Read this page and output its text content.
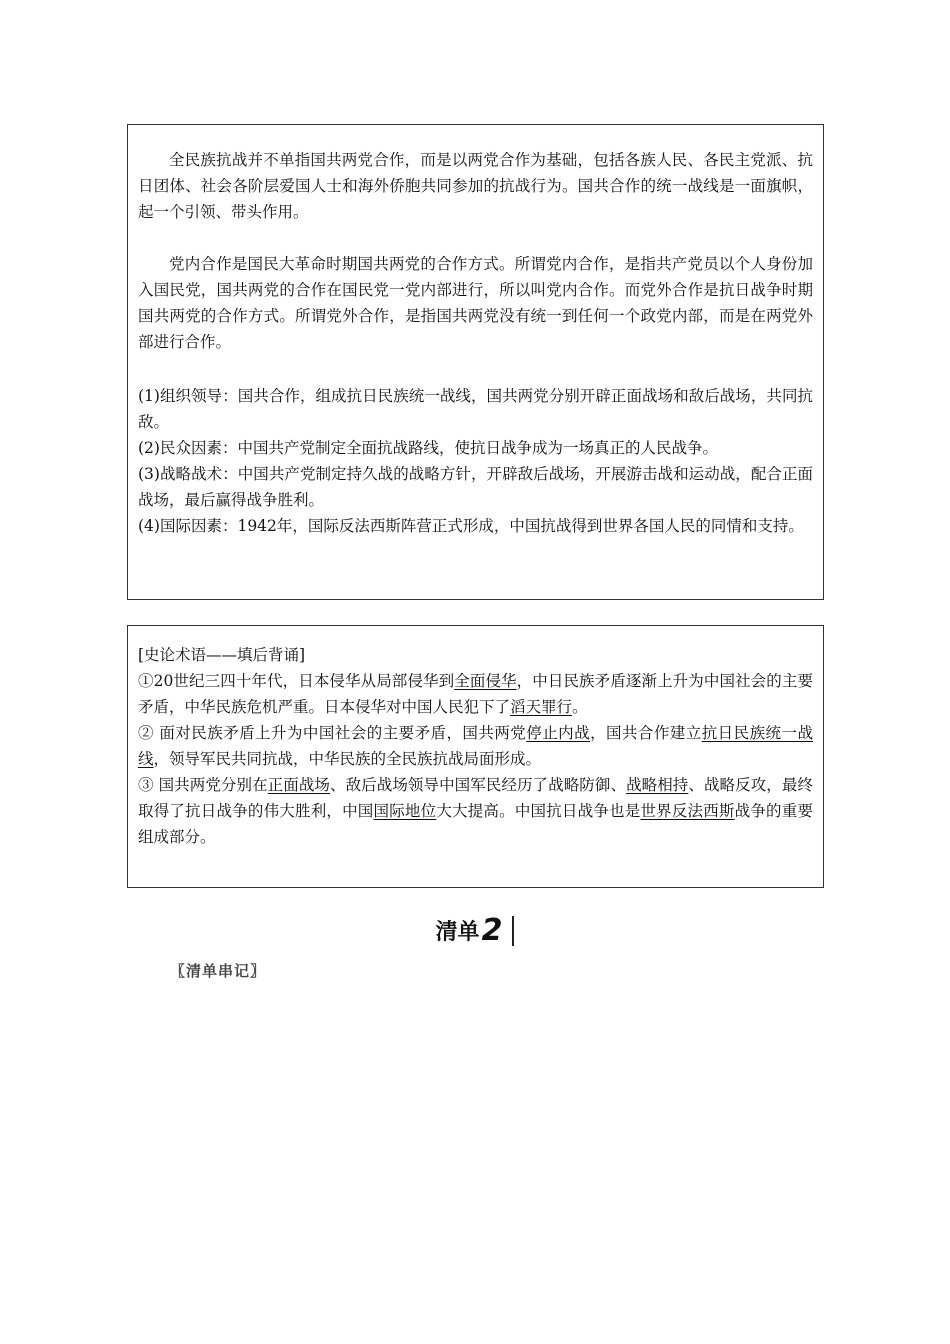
全民族抗战并不单指国共两党合作，而是以两党合作为基础，包括各族人民、各民主党派、抗日团体、社会各阶层爱国人士和海外侨胞共同参加的抗战行为。国共合作的统一战线是一面旗帜，起一个引领、带头作用。

党内合作是国民大革命时期国共两党的合作方式。所谓党内合作，是指共产党员以个人身份加入国民党，国共两党的合作在国民党一党内部进行，所以叫党内合作。而党外合作是抗日战争时期国共两党的合作方式。所谓党外合作，是指国共两党没有统一到任何一个政党内部，而是在两党外部进行合作。

(1)组织领导：国共合作，组成抗日民族统一战线，国共两党分别开辟正面战场和敌后战场，共同抗敌。

(2)民众因素：中国共产党制定全面抗战路线，使抗日战争成为一场真正的人民战争。

(3)战略战术：中国共产党制定持久战的战略方针，开辟敌后战场，开展游击战和运动战，配合正面战场，最后赢得战争胜利。

(4)国际因素：1942年，国际反法西斯阵营正式形成，中国抗战得到世界各国人民的同情和支持。

[史论术语——填后背诵]

①20世纪三四十年代，日本侵华从局部侵华到全面侵华，中日民族矛盾逐渐上升为中国社会的主要矛盾，中华民族危机严重。日本侵华对中国人民犯下了滔天罪行。

② 面对民族矛盾上升为中国社会的主要矛盾，国共两党停止内战，国共合作建立抗日民族统一战线，领导军民共同抗战，中华民族的全民族抗战局面形成。

③ 国共两党分别在正面战场、敌后战场领导中国军民经历了战略防御、战略相持、战略反攻，最终取得了抗日战争的伟大胜利，中国国际地位大大提高。中国抗日战争也是世界反法西斯战争的重要组成部分。

清单2
〖清单串记〗
